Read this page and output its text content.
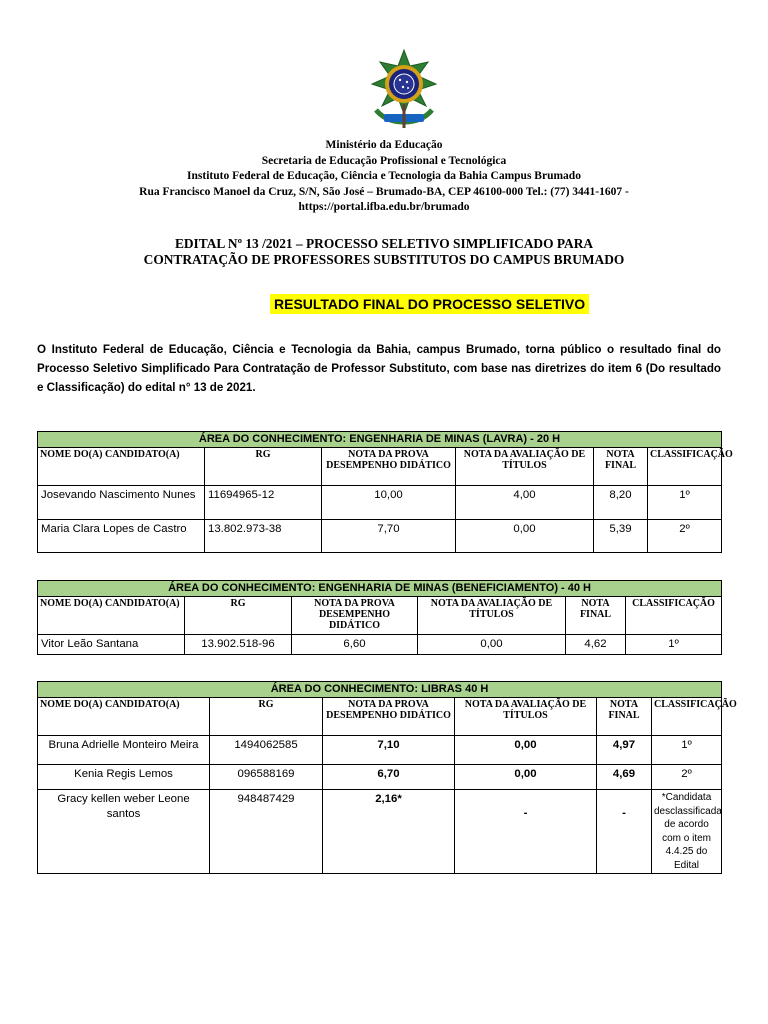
Ministério da Educação
Secretaria de Educação Profissional e Tecnológica
Instituto Federal de Educação, Ciência e Tecnologia da Bahia Campus Brumado
Rua Francisco Manoel da Cruz, S/N, São José – Brumado-BA, CEP 46100-000 Tel.: (77) 3441-1607 -
https://portal.ifba.edu.br/brumado
EDITAL Nº 13 /2021 – PROCESSO SELETIVO SIMPLIFICADO PARA
CONTRATAÇÃO DE PROFESSORES SUBSTITUTOS DO CAMPUS BRUMADO
RESULTADO FINAL DO PROCESSO SELETIVO
O Instituto Federal de Educação, Ciência e Tecnologia da Bahia, campus Brumado, torna público o resultado final do Processo Seletivo Simplificado Para Contratação de Professor Substituto, com base nas diretrizes do item 6 (Do resultado e Classificação) do edital n° 13 de 2021.
ÁREA DO CONHECIMENTO: ENGENHARIA DE MINAS (LAVRA) - 20 H					
NOME DO(A) CANDIDATO(A)	RG	NOTA DA PROVA DESEMPENHO DIDÁTICO	NOTA DA AVALIAÇÃO DE TÍTULOS	NOTA FINAL	CLASSIFICAÇÃO
Josevando Nascimento Nunes	11694965-12	10,00	4,00	8,20	1º
Maria Clara Lopes de Castro	13.802.973-38	7,70	0,00	5,39	2º
ÁREA DO CONHECIMENTO: ENGENHARIA DE MINAS (BENEFICIAMENTO) - 40 H					
NOME DO(A) CANDIDATO(A)	RG	NOTA DA PROVA DESEMPENHO DIDÁTICO	NOTA DA AVALIAÇÃO DE TÍTULOS	NOTA FINAL	CLASSIFICAÇÃO
Vitor Leão Santana	13.902.518-96	6,60	0,00	4,62	1º
ÁREA DO CONHECIMENTO: LIBRAS 40 H					
NOME DO(A) CANDIDATO(A)	RG	NOTA DA PROVA DESEMPENHO DIDÁTICO	NOTA DA AVALIAÇÃO DE TÍTULOS	NOTA FINAL	CLASSIFICAÇÃO
Bruna Adrielle Monteiro Meira	1494062585	7,10	0,00	4,97	1º
Kenia Regis Lemos	096588169	6,70	0,00	4,69	2º
Gracy kellen weber Leone santos	948487429	2,16*	-	-	*Candidata desclassificada de acordo com o item 4.4.25 do Edital
